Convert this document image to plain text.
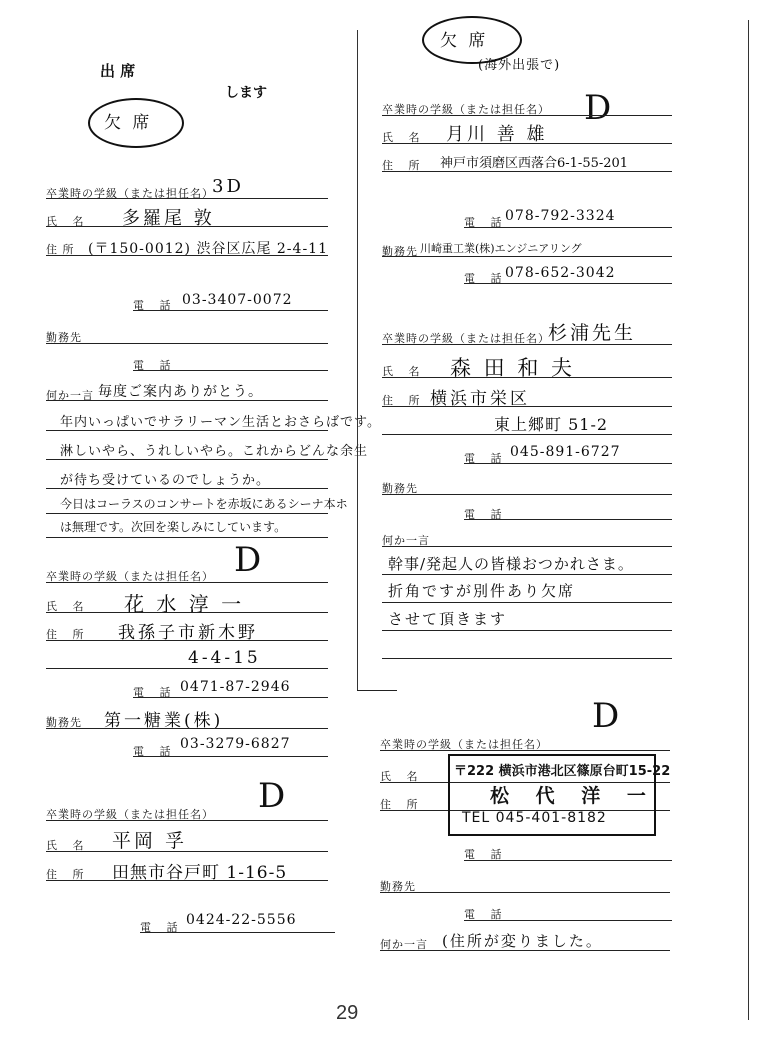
出 席
します
欠 席
卒業時の学級（または担任名）
3D
氏 名 多羅尾 敦
住 所 (〒150-0012) 渋谷区広尾 2-4-11
電 話 03-3407-0072
勤務先
電 話
何か一言 毎度ご案内ありがとう。
年内いっぱいでサラリーマン生活とおさらばです。
淋しいやら、うれしいやら。これからどんな余生
が待ち受けているのでしょうか。
今日はコーラスのコンサートを赤坂にあるシーナ本ホ
は無理です。次回を楽しみにしています。
D
卒業時の学級（または担任名）
氏 名 花 水 淳 一
住 所 我孫子市新木野
4-4-15
電 話 0471-87-2946
勤務先 第一糖業(株)
電 話 03-3279-6827
D
卒業時の学級（または担任名）
氏 名 平岡 孚
住 所 田無市谷戸町 1-16-5
電 話 0424-22-5556
欠 席
(海外出張で)
D
卒業時の学級（または担任名）
氏 名 月川 善 雄
住 所 神戸市須磨区西落合6-1-55-201
電 話
078-792-3324
勤務先 川崎重工業(株)エンジニアリング
電 話
078-652-3042
卒業時の学級（または担任名）
杉浦先生
氏 名 森 田 和 夫
住 所 横浜市栄区
東上郷町 51-2
電 話 045-891-6727
勤務先
電 話
何か一言
幹事/発起人の皆様おつかれさま。
折角ですが別件あり欠席
させて頂きます
D
卒業時の学級（または担任名）
氏 名
住 所
〒222 横浜市港北区篠原台町15-22
松 代 洋 一
TEL 045-401-8182
電 話
勤務先
電 話
何か一言 (住所が変りました。
29
